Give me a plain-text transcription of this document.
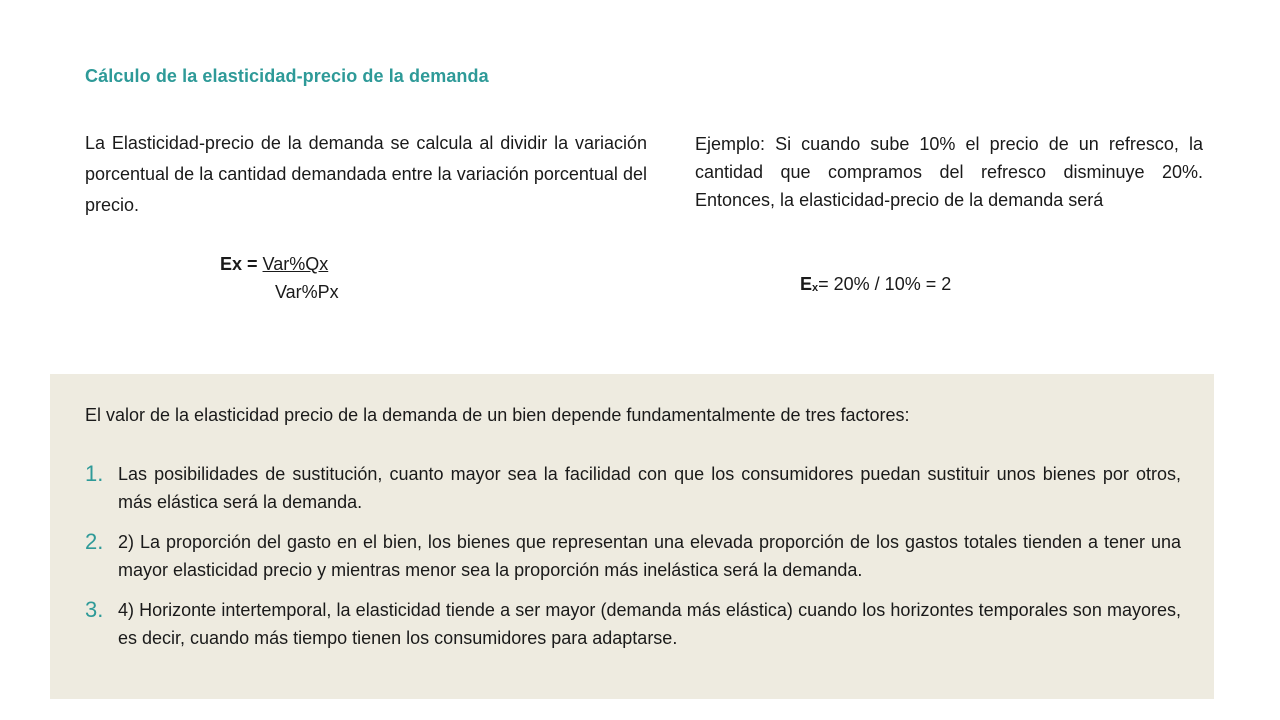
Cálculo de la elasticidad-precio de la demanda

La Elasticidad-precio de la demanda se calcula al dividir la variación porcentual de la cantidad demandada entre la variación porcentual del precio.

Ex = Var%Qx
Var%Px

Ejemplo: Si cuando sube 10% el precio de un refresco, la cantidad que compramos del refresco disminuye 20%. Entonces, la elasticidad-precio de la demanda será

$E_x= 20\% / 10\% = 2$

El valor de la elasticidad precio de la demanda de un bien depende fundamentalmente de tres factores:

1. Las posibilidades de sustitución, cuanto mayor sea la facilidad con que los consumidores puedan sustituir unos bienes por otros, más elástica será la demanda.
2. 2) La proporción del gasto en el bien, los bienes que representan una elevada proporción de los gastos totales tienden a tener una mayor elasticidad precio y mientras menor sea la proporción más inelástica será la demanda.
3. 4) Horizonte intertemporal, la elasticidad tiende a ser mayor (demanda más elástica) cuando los horizontes temporales son mayores, es decir, cuando más tiempo tienen los consumidores para adaptarse.
